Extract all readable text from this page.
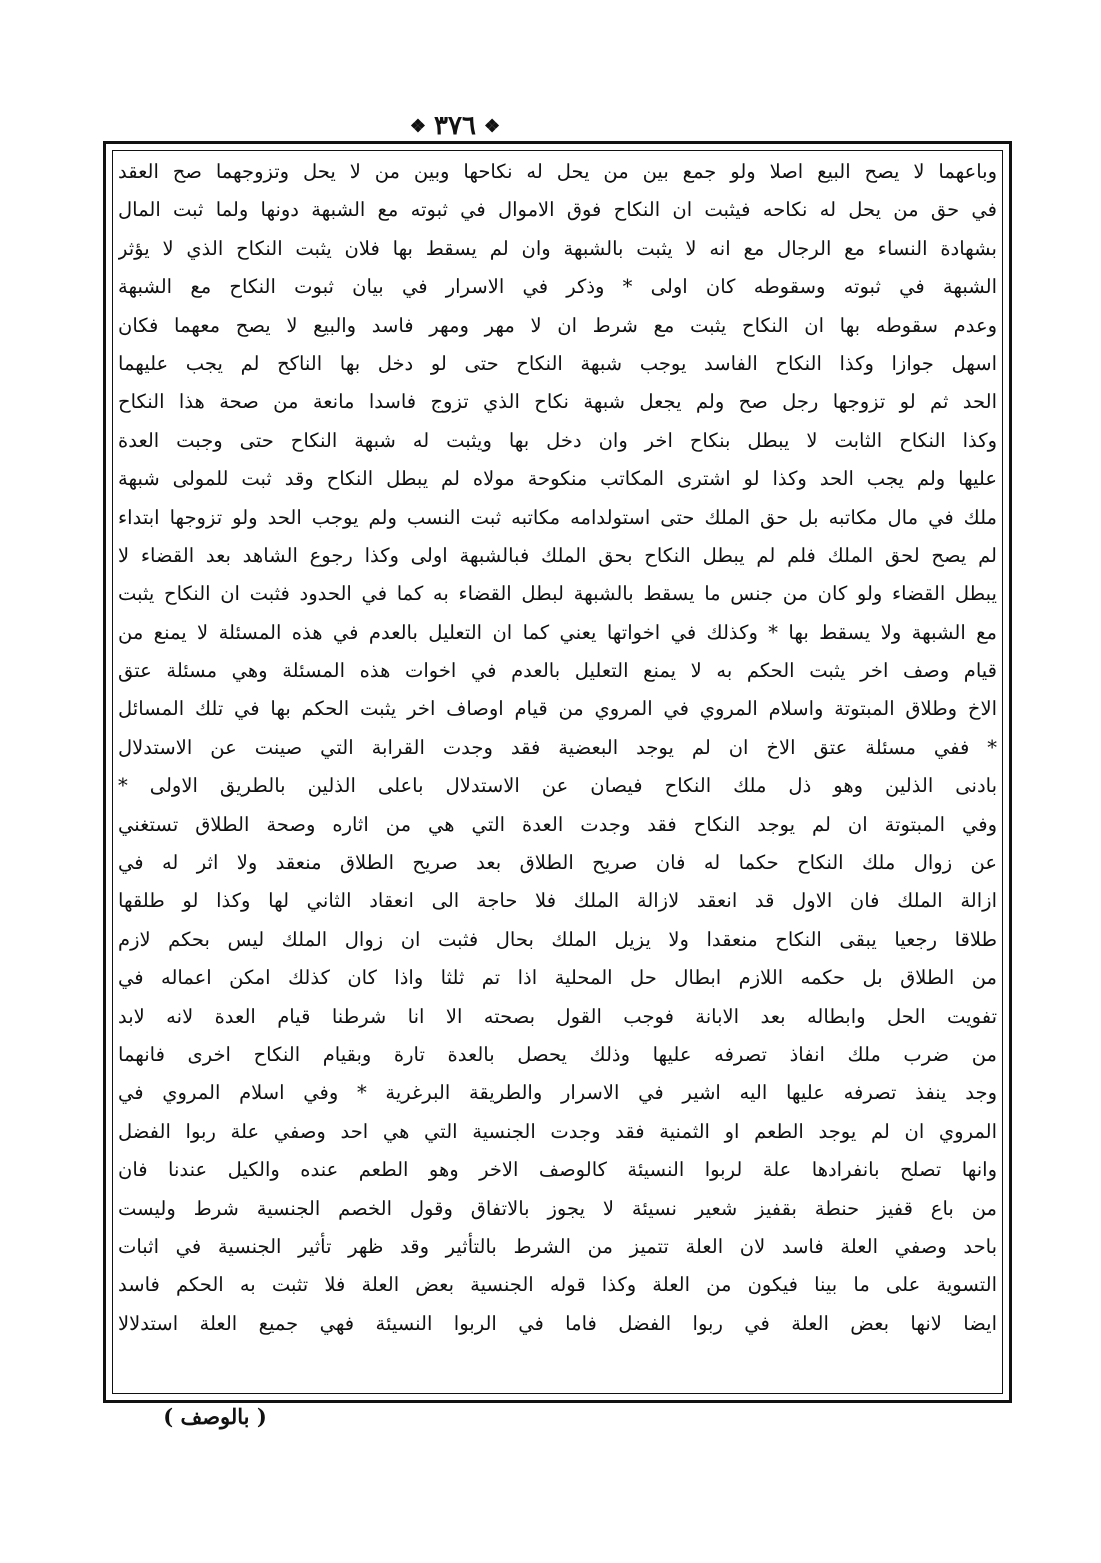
❖
٣٧٦
❖
وباعهما لا يصح البيع اصلا ولو جمع بين من يحل له نكاحها وبين من لا يحل وتزوجهما صح العقد
في حق من يحل له نكاحه فيثبت ان النكاح فوق الاموال في ثبوته مع الشبهة دونها ولما ثبت المال
بشهادة النساء مع الرجال مع انه لا يثبت بالشبهة وان لم يسقط بها فلان يثبت النكاح الذي لا يؤثر
الشبهة في ثبوته وسقوطه كان اولى * وذكر في الاسرار في بيان ثبوت النكاح مع الشبهة
وعدم سقوطه بها ان النكاح يثبت مع شرط ان لا مهر ومهر فاسد والبيع لا يصح معهما فكان
اسهل جوازا وكذا النكاح الفاسد يوجب شبهة النكاح حتى لو دخل بها الناكح لم يجب عليهما
الحد ثم لو تزوجها رجل صح ولم يجعل شبهة نكاح الذي تزوج فاسدا مانعة من صحة هذا النكاح
وكذا النكاح الثابت لا يبطل بنكاح اخر وان دخل بها ويثبت له شبهة النكاح حتى وجبت العدة
عليها ولم يجب الحد وكذا لو اشترى المكاتب منكوحة مولاه لم يبطل النكاح وقد ثبت للمولى شبهة
ملك في مال مكاتبه بل حق الملك حتى استولدامه مكاتبه ثبت النسب ولم يوجب الحد ولو تزوجها ابتداء
لم يصح لحق الملك فلم لم يبطل النكاح بحق الملك فبالشبهة اولى وكذا رجوع الشاهد بعد القضاء لا
يبطل القضاء ولو كان من جنس ما يسقط بالشبهة لبطل القضاء به كما في الحدود فثبت ان النكاح يثبت
مع الشبهة ولا يسقط بها * وكذلك في اخواتها يعني كما ان التعليل بالعدم في هذه المسئلة لا يمنع من
قيام وصف اخر يثبت الحكم به لا يمنع التعليل بالعدم في اخوات هذه المسئلة وهي مسئلة عتق
الاخ وطلاق المبتوتة واسلام المروي في المروي من قيام اوصاف اخر يثبت الحكم بها في تلك المسائل
* ففي مسئلة عتق الاخ ان لم يوجد البعضية فقد وجدت القرابة التي صينت عن الاستدلال
بادنى الذلين وهو ذل ملك النكاح فيصان عن الاستدلال باعلى الذلين بالطريق الاولى *
وفي المبتوتة ان لم يوجد النكاح فقد وجدت العدة التي هي من اثاره وصحة الطلاق تستغني
عن زوال ملك النكاح حكما له فان صريح الطلاق بعد صريح الطلاق منعقد ولا اثر له في
ازالة الملك فان الاول قد انعقد لازالة الملك فلا حاجة الى انعقاد الثاني لها وكذا لو طلقها
طلاقا رجعيا يبقى النكاح منعقدا ولا يزيل الملك بحال فثبت ان زوال الملك ليس بحكم لازم
من الطلاق بل حكمه اللازم ابطال حل المحلية اذا تم ثلثا واذا كان كذلك امكن اعماله في
تفويت الحل وابطاله بعد الابانة فوجب القول بصحته الا انا شرطنا قيام العدة لانه لابد
من ضرب ملك انفاذ تصرفه عليها وذلك يحصل بالعدة تارة وبقيام النكاح اخرى فانهما
وجد ينفذ تصرفه عليها اليه اشير في الاسرار والطريقة البرغرية * وفي اسلام المروي في
المروي ان لم يوجد الطعم او الثمنية فقد وجدت الجنسية التي هي احد وصفي علة ربوا الفضل
وانها تصلح بانفرادها علة لربوا النسيئة كالوصف الاخر وهو الطعم عنده والكيل عندنا فان
من باع قفيز حنطة بقفيز شعير نسيئة لا يجوز بالاتفاق وقول الخصم الجنسية شرط وليست
باحد وصفي العلة فاسد لان العلة تتميز من الشرط بالتأثير وقد ظهر تأثير الجنسية في اثبات
التسوية على ما بينا فيكون من العلة وكذا قوله الجنسية بعض العلة فلا تثبت به الحكم فاسد
ايضا لانها بعض العلة في ربوا الفضل فاما في الربوا النسيئة فهي جميع العلة استدلالا
( بالوصف )
